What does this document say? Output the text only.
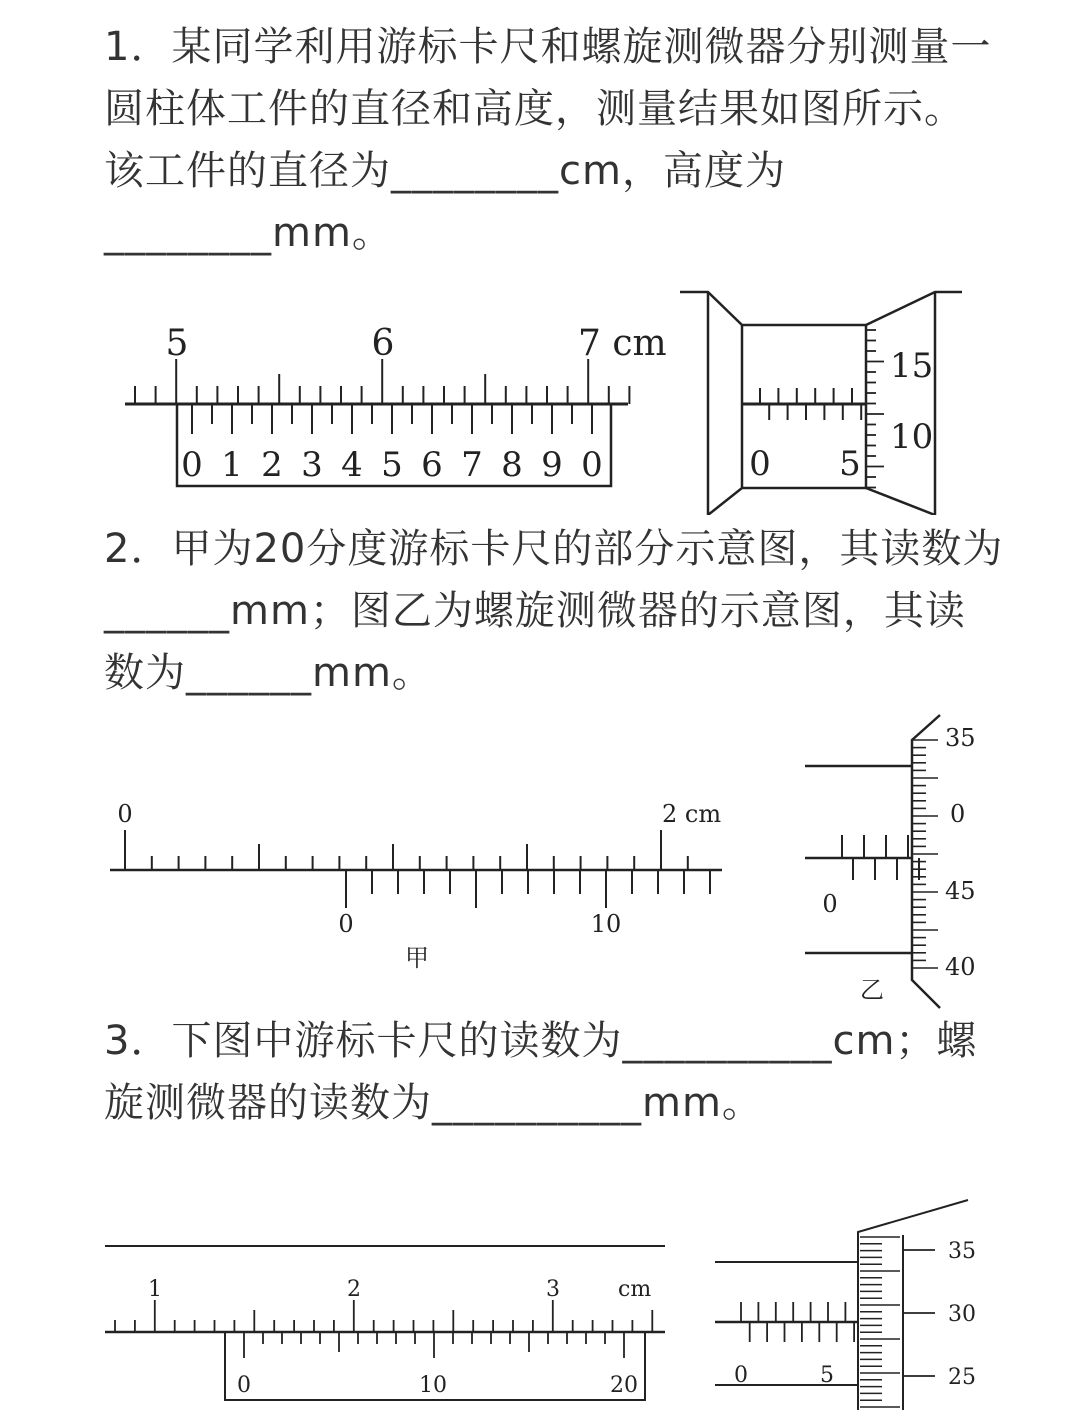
1．某同学利用游标卡尺和螺旋测微器分别测量一圆柱体工件的直径和高度，测量结果如图所示。该工件的直径为________cm，高度为________mm。
2．甲为20分度游标卡尺的部分示意图，其读数为______mm；图乙为螺旋测微器的示意图，其读数为______mm。
3．下图中游标卡尺的读数为__________cm；螺旋测微器的读数为__________mm。
5	6	7 cm
0 1 2 3 4 5 6 7 8 9 0	0 5
15
10
0	2 cm
0	10
甲
35
0
45
40
0
乙
1	2	3	cm
0	10	20	0	5
35
30
25
